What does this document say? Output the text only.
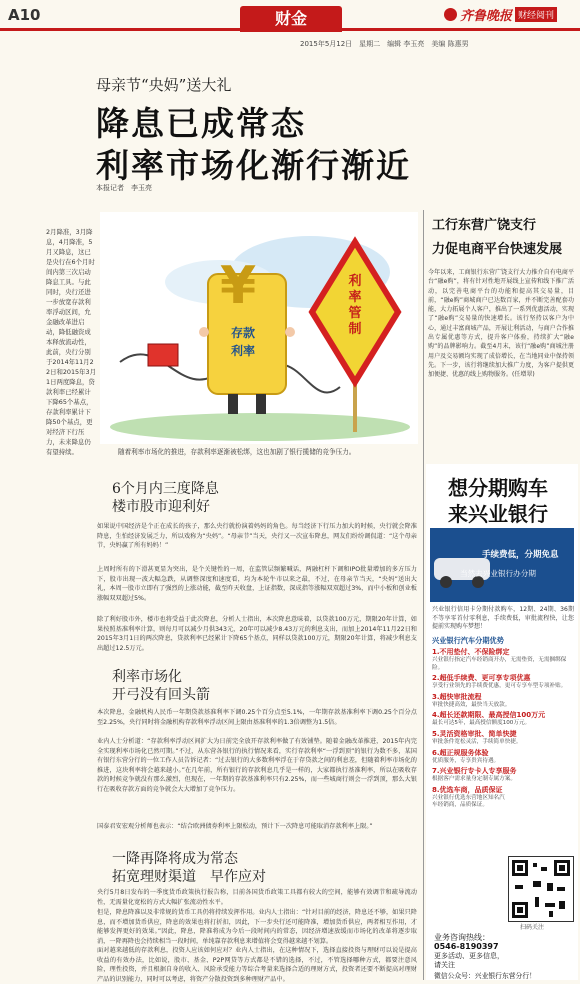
A10	财金	齐鲁晚报 财经阅刊
2015年5月12日　星期二　编辑 李玉亮　美编 陈惠男
母亲节“央妈”送大礼
降息已成常态
利率市场化渐行渐近
本报记者　李玉亮
2月降准，3月降息，4月降准，5月又降息，这已是央行在6个月时间内第三次启动降息工具。与此同时，央行还进一步放宽存款利率浮动区间，允金融改革进启动，降低融资成本释放流动性，此前，央行分别于2014年11月22日和2015年3月1日两度降息，贷款利率已经累计下降65个基点，存款利率累计下降50个基点，更对经济下行压力，未来降息仍有望持续。
¥
存款
利率
利率管制
随着利率市场化的推进，存款利率逐渐被松绑，这也加剧了银行揽储的竞争压力。
6个月内三度降息
楼市股市迎利好
如果说中国经济是个正在成长的孩子，那么央行就扮演着妈妈的角色。每当经济下行压力加大的时候，央行就会降准降息，生怕经济发展乏力，所以戏称为“央妈”。“母亲节”当天，央行又一次宣布降息，网友们纷纷调侃道：“这个母亲节，央妈赢了所有妈妈！”
上周时所有的下滑甚更显为突出，是个关键性的一周，在监管层频繁喊话，两融杠杆下调和IPO批量增加的多方压力下，股市出现一波大幅急跌，从调整深度和速度看，均为本轮牛市以来之最，不过，在母亲节当天，“央妈”送出大礼，本周一股市立即有了强烈的上涨动能，截至昨天收盘，上证指数，深成指等涨幅双双超过3%，而中小板和创业板涨幅双双超过5%。
除了利好股市外，楼市也将受益于此次降息，分析人士指出，本次降息意味着，以贷款100万元，期限20年计算，如果按照基准利率计算，则每月可以减少月供343元，20年可以减少8.43万元的利息支出，而加上2014年11月22日和2015年3月1日的两次降息，贷款利率已经累计下降65个基点，同样以贷款100万元，期限20年计算，将减少利息支出超过12.5万元。
利率市场化
开弓没有回头箭
本次降息，金融机构人民币一年期贷款基准利率下调0.25个百分点至5.1%，一年期存款基准利率下调0.25个百分点至2.25%，央行同时将金融机构存款利率浮动区间上限由基准利率的1.3倍调整为1.5倍。
业内人士分析道：“存款利率浮动区间扩大为日前完全放开存款利率做了有效铺垫。随着金融改革推进，2015年内完全实现利率市场化已然可期。”不过，从东营各银行的执行情况来看，实行存款利率“一浮到顶”的银行为数不多，某国有银行东营分行的一位工作人员告诉记者：“过去银行的大多数利率浮在于存贷款之间的利息差，但随着利率市场化的推进，这块利率将会越来越小。”在几年前，所有银行的存款利息几乎是一样的，大家都执行基准利率，所以在吸收存款的时候竞争就没有那么激烈，但现在，一年期的存款基准利率只有2.25%，而一些城商行则会一浮到顶，那么大银行在吸收存款方面的竞争就会大大增加了竞争压力。
国泰君安宏观分析师也表示：“结合欧洲债券利率上限松动，预计下一次降息可能取消存款利率上限。”
一降再降将成为常态
拓宽理财渠道　早作应对
央行5月8日发布的一季度货币政策执行报告称，目前各国货币政策工具都有较大的空间，能够有效调节和疏导流动性，无需量化宽松的方式大幅扩张流动性水平。
但是，降息降准以及非常规的货币工具仍将持续发挥作用。业内人士指出：“针对目前的经济，降息还不够，如果只降息，而不增加货币供应，降息的效果也将打折扣，因此，下一步央行还可能降准，增加货币供应，两者相互作用，才能够发挥更好的效果。”因此，降息，降准将成为今后一段时间内的常态，因经济增速放缓而市场化的改革将逐步取消，一降再降也会持续相当一段时间，单纯靠存款利息来增值将会变得越来越不划算。
面对越来越低的存款利息，投资人应该如何应对？业内人士指出，在这种情况下，选择直接投资与理财可以说是提高收益的有效办法，比如说，股市、基金、P2P网贷等方式都是不错的选择，不过，不管选择哪种方式，都要注意风险，理性投资，并且根据自身的收入、风险承受能力等综合考量来选择合适的理财方式，投资者还要不断提高对理财产品的识别能力，同时可以考虑，将资产分散投资到多种理财产品中。
工行东营广饶支行
力促电商平台快速发展
今年以来，工商银行东营广饶支行大力推介自有电商平台“融e购”，将有针对性地开展线上宣传和线下推广活动，以完善电商平台的功能和提高其交易量，目前，“融e购”商城商户已达数百家，并不断完善配套功能，大力拓展个人客户，推出了一系列优惠活动，实现了“融e购”交易量的快速增长。该行坚持以客户为中心，通过丰富商城产品，开展让利活动，与商户合作推出专属优惠等方式，提升客户体验，持续扩大“融e购”的品牌影响力。截至4月末，该行“融e购”商城注册用户及交易额均实现了成倍增长，在当地同业中保持领先。下一步，该行将继续加大推广力度，为客户提供更加便捷、优惠的线上购物服务。(任增翠)
想分期购车
来兴业银行
手续费低，分期免息
当然去兴业银行办分期
兴业银行信用卡分期付款购车，12期、24期、36期不等享零首付零利息，手续费低，审批流程快，让您提前实现购车梦想！
兴业银行汽车分期优势
1.不用垫付、不保险绑定
兴业银行指定汽车经销商开办，无需垫资，无需捆绑保险。
2.超低手续费、更可享专项优惠
享受行业领先的手续费优惠，更可专享车型专项补贴。
3.超快审批流程
审批快捷高效，最快当天放款。
4.超长还款期限、最高授信100万元
最长可达5年，最高授信额度100万元。
5.灵活资格审批、简单快捷
审批条件宽松灵活，手续简单快捷。
6.超正规服务体验
优质服务，专享贵宾待遇。
7.兴业银行专卡人专享服务
根据客户需求量身定制专属方案。
8.优选车商，品质保证
兴业银行优选东营地区知名汽车经销商，品质保证。
扫码关注
业务咨询热线：
0546-8190397
更多活动、更多信息，请关注
微信公众号：兴业银行东营分行！
